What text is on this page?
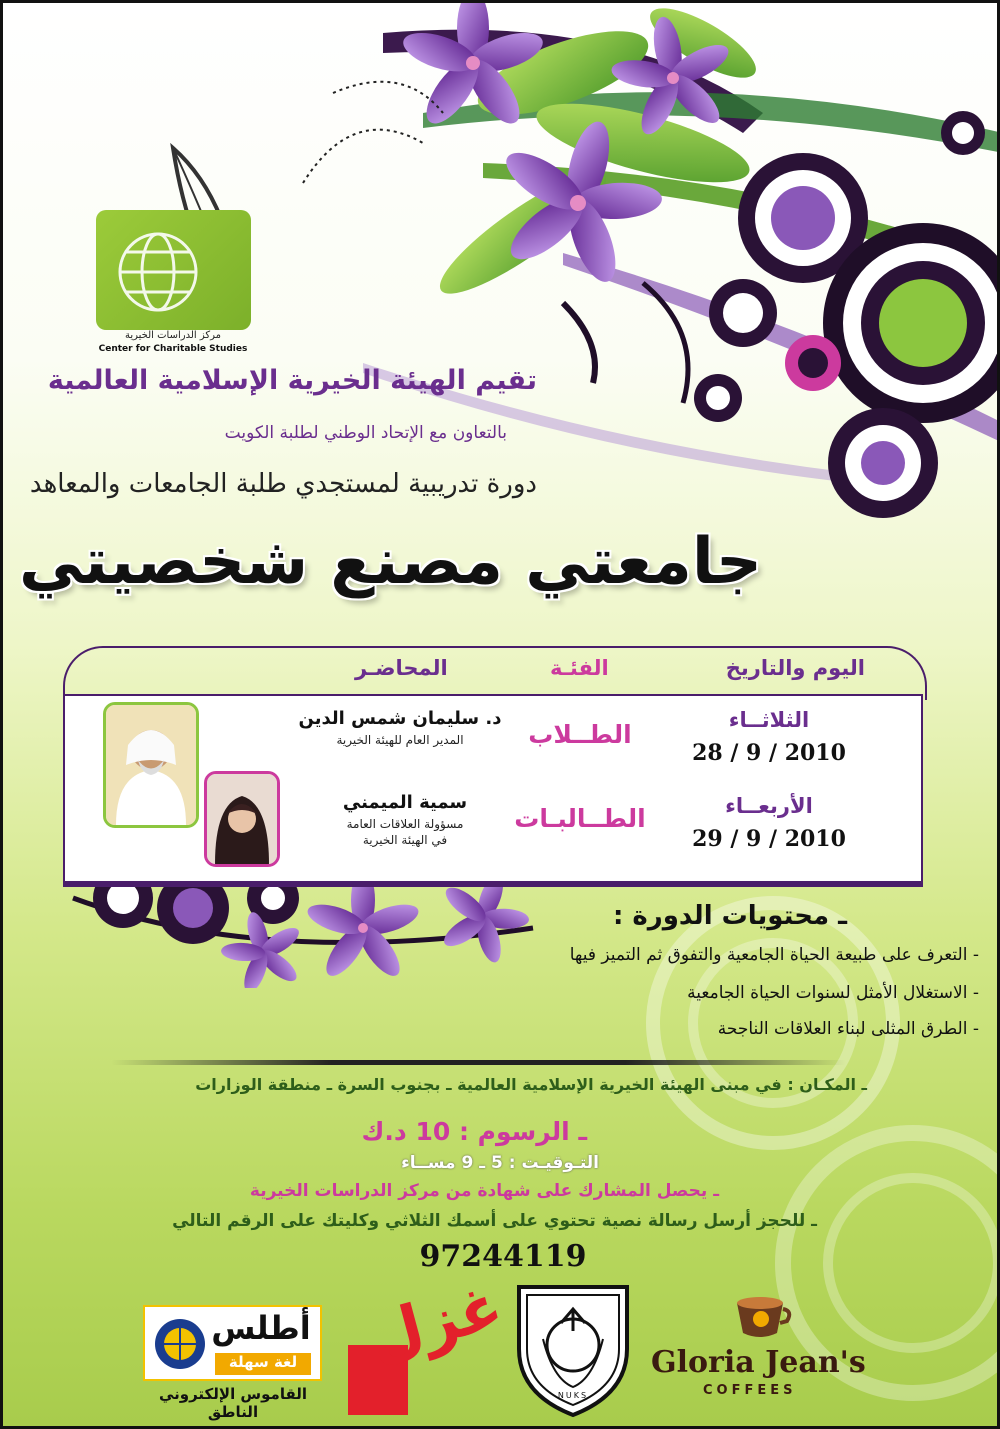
مركز الدراسات الخيرية
Center for Charitable Studies
تقيم الهيئة الخيرية الإسلامية العالمية
بالتعاون مع الإتحاد الوطني لطلبة الكويت
دورة تدريبية لمستجدي طلبة الجامعات والمعاهد
جامعتي مصنع شخصيتي
اليوم والتاريخ
الفئـة
المحاضـر
الثلاثــاء
28 / 9 / 2010
الطــلاب
د. سليمان شمس الدين
المدير العام للهيئة الخيرية
الأربعــاء
29 / 9 / 2010
الطــالبـات
سمية الميمني
مسؤولة العلاقات العامة
في الهيئة الخيرية
ـ محتويات الدورة :
- التعرف على طبيعة الحياة الجامعية والتفوق ثم التميز فيها
- الاستغلال الأمثل لسنوات الحياة الجامعية
- الطرق المثلى لبناء العلاقات الناجحة
ـ المكـان : في مبنى الهيئة الخيرية الإسلامية العالمية ـ بجنوب السرة ـ منطقة الوزارات
ـ الرسوم : 10 د.ك
التـوقيـت : 5 ـ 9 مســاء
ـ يحصل المشارك على شهادة من مركز الدراسات الخيرية
ـ للحجز أرسل رسالة نصية تحتوي على أسمك الثلاثي وكليتك على الرقم التالي
97244119
أطلس
لغة سهلة
القاموس الإلكتروني الناطق
غزل
NUKS
Gloria Jean's
COFFEES
